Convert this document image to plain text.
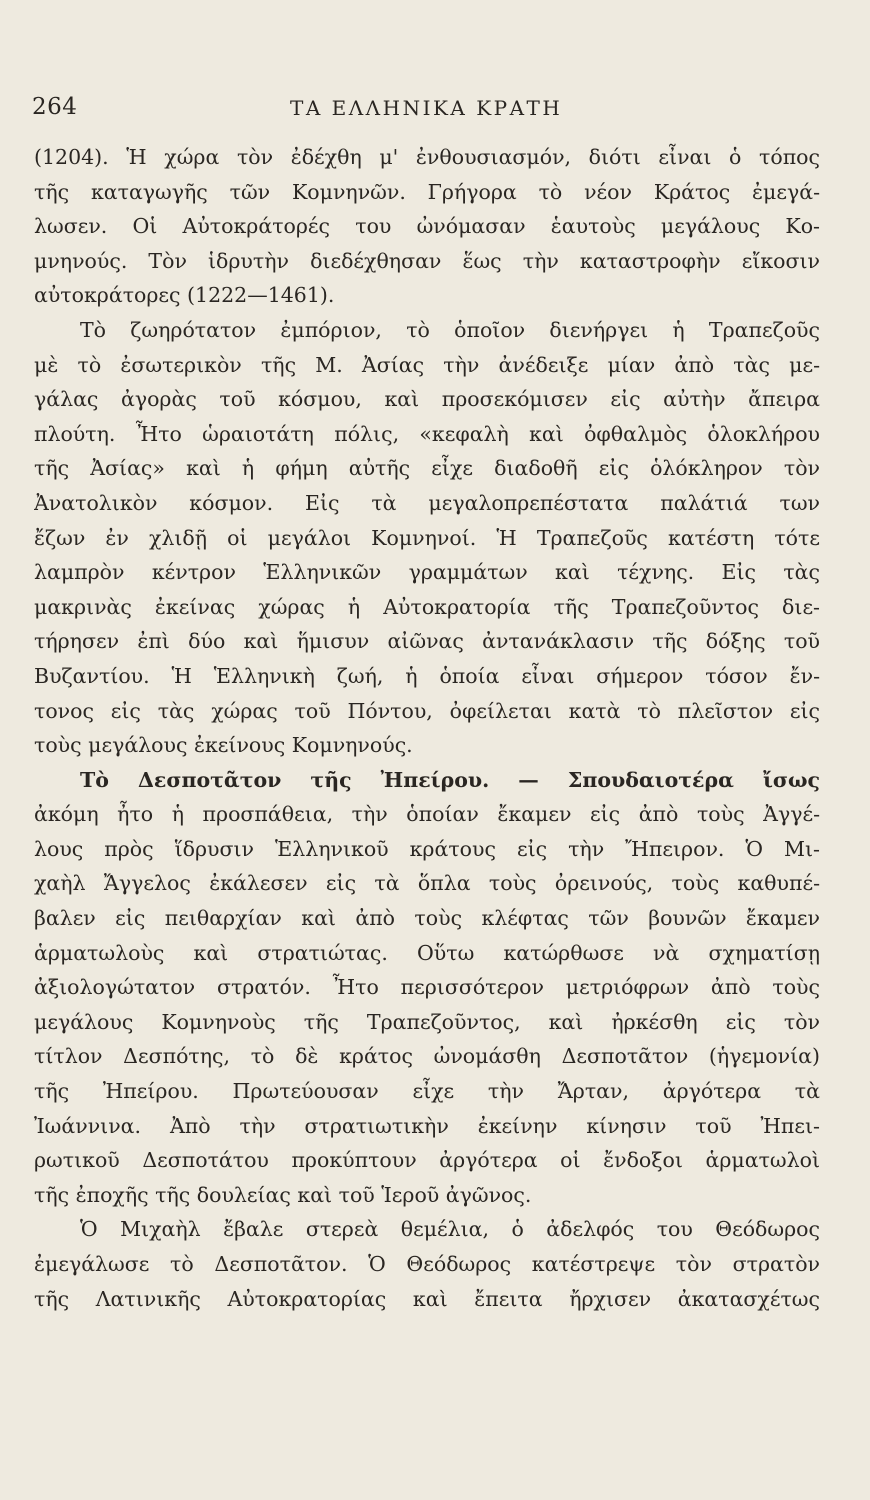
264	ΤΑ ΕΛΛΗΝΙΚΑ ΚΡΑΤΗ
(1204). Ἡ χώρα τὸν ἐδέχθη μ' ἐνθουσιασμόν, διότι εἶναι ὁ τόπος
τῆς καταγωγῆς τῶν Κομνηνῶν. Γρήγορα τὸ νέον Κράτος ἐμεγά-
λωσεν. Οἱ Αὐτοκράτορές του ὠνόμασαν ἑαυτοὺς μεγάλους Κο-
μνηνούς. Τὸν ἱδρυτὴν διεδέχθησαν ἕως τὴν καταστροφὴν εἴκοσιν
αὐτοκράτορες (1222—1461).
Τὸ ζωηρότατον ἐμπόριον, τὸ ὁποῖον διενήργει ἡ Τραπεζοῦς
μὲ τὸ ἐσωτερικὸν τῆς Μ. Ἀσίας τὴν ἀνέδειξε μίαν ἀπὸ τὰς με-
γάλας ἀγορὰς τοῦ κόσμου, καὶ προσεκόμισεν εἰς αὐτὴν ἄπειρα
πλούτη. Ἦτο ὡραιοτάτη πόλις, «κεφαλὴ καὶ ὀφθαλμὸς ὁλοκλήρου
τῆς Ἀσίας» καὶ ἡ φήμη αὐτῆς εἶχε διαδοθῆ εἰς ὁλόκληρον τὸν
Ἀνατολικὸν κόσμον. Εἰς τὰ μεγαλοπρεπέστατα παλάτιά των
ἔζων ἐν χλιδῇ οἱ μεγάλοι Κομνηνοί. Ἡ Τραπεζοῦς κατέστη τότε
λαμπρὸν κέντρον Ἑλληνικῶν γραμμάτων καὶ τέχνης. Εἰς τὰς
μακρινὰς ἐκείνας χώρας ἡ Αὐτοκρατορία τῆς Τραπεζοῦντος διε-
τήρησεν ἐπὶ δύο καὶ ἥμισυν αἰῶνας ἀντανάκλασιν τῆς δόξης τοῦ
Βυζαντίου. Ἡ Ἑλληνικὴ ζωή, ἡ ὁποία εἶναι σήμερον τόσον ἔν-
τονος εἰς τὰς χώρας τοῦ Πόντου, ὀφείλεται κατὰ τὸ πλεῖστον εἰς
τοὺς μεγάλους ἐκείνους Κομνηνούς.
Τὸ Δεσποτᾶτον τῆς Ἠπείρου. — Σπουδαιοτέρα ἴσως
ἀκόμη ἦτο ἡ προσπάθεια, τὴν ὁποίαν ἔκαμεν εἰς ἀπὸ τοὺς Ἀγγέ-
λους πρὸς ἵδρυσιν Ἑλληνικοῦ κράτους εἰς τὴν Ἤπειρον. Ὁ Μι-
χαὴλ Ἄγγελος ἐκάλεσεν εἰς τὰ ὅπλα τοὺς ὀρεινούς, τοὺς καθυπέ-
βαλεν εἰς πειθαρχίαν καὶ ἀπὸ τοὺς κλέφτας τῶν βουνῶν ἔκαμεν
ἁρματωλοὺς καὶ στρατιώτας. Οὕτω κατώρθωσε νὰ σχηματίσῃ
ἀξιολογώτατον στρατόν. Ἦτο περισσότερον μετριόφρων ἀπὸ τοὺς
μεγάλους Κομνηνοὺς τῆς Τραπεζοῦντος, καὶ ἠρκέσθη εἰς τὸν
τίτλον Δεσπότης, τὸ δὲ κράτος ὠνομάσθη Δεσποτᾶτον (ἡγεμονία)
τῆς Ἠπείρου. Πρωτεύουσαν εἶχε τὴν Ἄρταν, ἀργότερα τὰ
Ἰωάννινα. Ἀπὸ τὴν στρατιωτικὴν ἐκείνην κίνησιν τοῦ Ἠπει-
ρωτικοῦ Δεσποτάτου προκύπτουν ἀργότερα οἱ ἔνδοξοι ἁρματωλοὶ
τῆς ἐποχῆς τῆς δουλείας καὶ τοῦ Ἱεροῦ ἀγῶνος.
Ὁ Μιχαὴλ ἔβαλε στερεὰ θεμέλια, ὁ ἀδελφός του Θεόδωρος
ἐμεγάλωσε τὸ Δεσποτᾶτον. Ὁ Θεόδωρος κατέστρεψε τὸν στρατὸν
τῆς Λατινικῆς Αὐτοκρατορίας καὶ ἔπειτα ἤρχισεν ἀκατασχέτως
